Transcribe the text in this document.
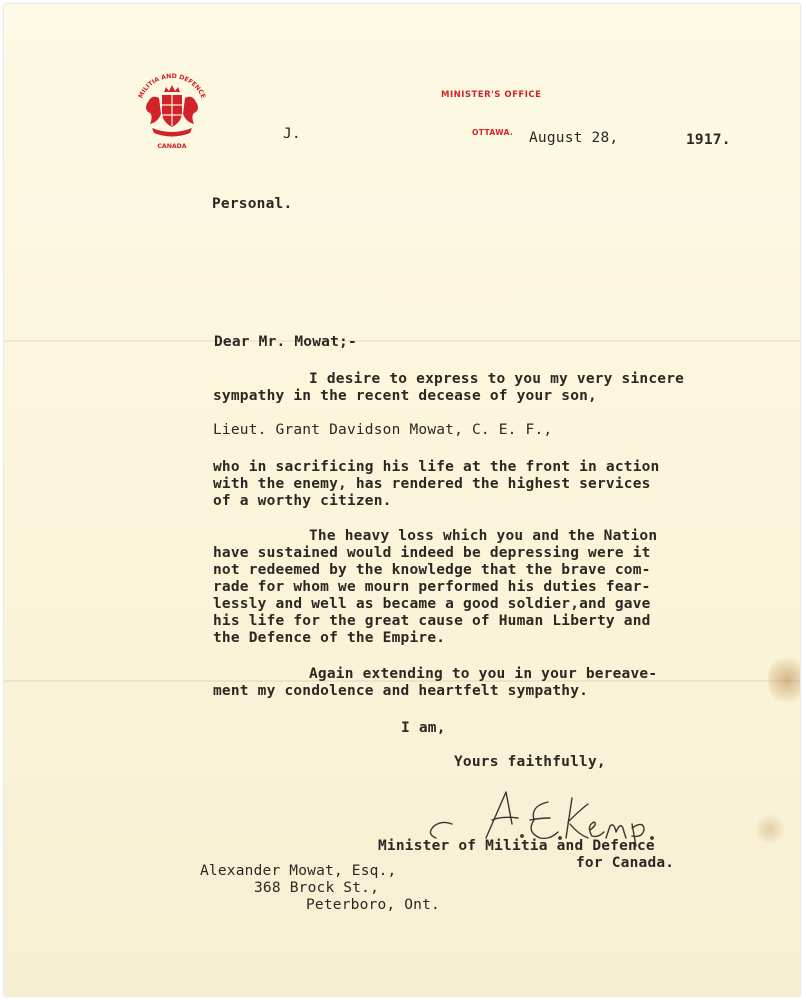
MILITIA AND DEFENCE
CANADA
MINISTER'S OFFICE
OTTAWA.
J.	August 28,	1917.
Personal.
Dear Mr. Mowat;-
I desire to express to you my very sincere
sympathy in the recent decease of your son,
Lieut. Grant Davidson Mowat, C. E. F.,
who in sacrificing his life at the front in action
with the enemy, has rendered the highest services
of a worthy citizen.
The heavy loss which you and the Nation
have sustained would indeed be depressing were it
not redeemed by the knowledge that the brave com-
rade for whom we mourn performed his duties fear-
lessly and well as became a good soldier,and gave
his life for the great cause of Human Liberty and
the Defence of the Empire.
Again extending to you in your bereave-
ment my condolence and heartfelt sympathy.
I am,
Yours faithfully,
Minister of Militia and Defence
for Canada.
Alexander Mowat, Esq.,
368 Brock St.,
Peterboro, Ont.
